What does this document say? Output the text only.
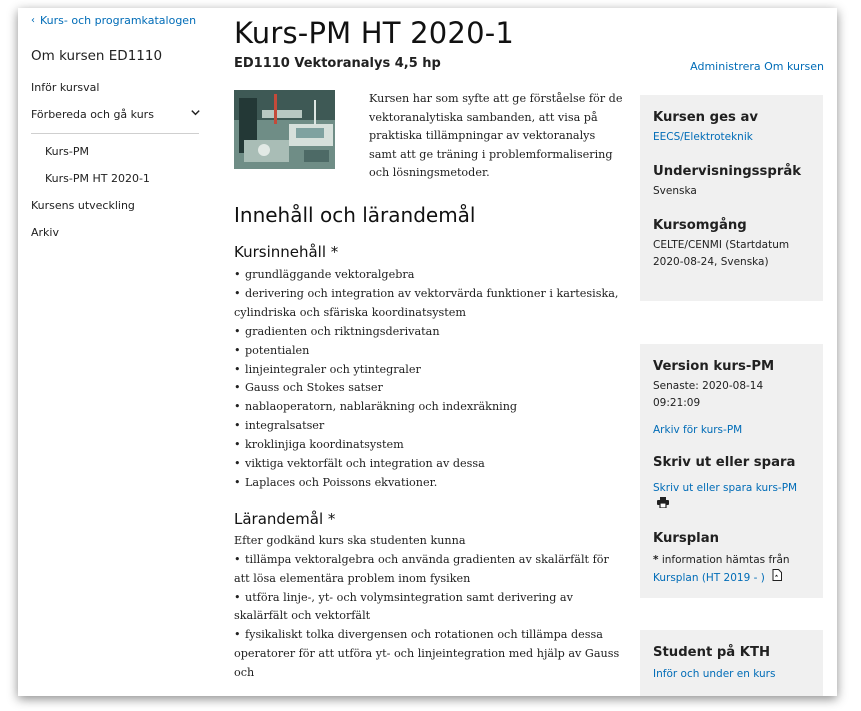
‹ Kurs- och programkatalogen
Om kursen ED1110
Inför kursval
Förbereda och gå kurs
Kurs-PM
Kurs-PM HT 2020-1
Kursens utveckling
Arkiv
Kurs-PM HT 2020-1
ED1110 Vektoranalys 4,5 hp

Kursen har som syfte att ge förståelse för de vektoranalytiska sambanden, att visa på praktiska tillämpningar av vektoranalys samt att ge träning i problemformalisering och lösningsmetoder.

Innehåll och lärandemål
Kursinnehåll *
• grundläggande vektoralgebra
• derivering och integration av vektorvärda funktioner i kartesiska, cylindriska och sfäriska koordinatsystem
• gradienten och riktningsderivatan
• potentialen
• linjeintegraler och ytintegraler
• Gauss och Stokes satser
• nablaoperatorn, nablaräkning och indexräkning
• integralsatser
• kroklinjiga koordinatsystem
• viktiga vektorfält och integration av dessa
• Laplaces och Poissons ekvationer.
Lärandemål *

Efter godkänd kurs ska studenten kunna

• tillämpa vektoralgebra och använda gradienten av skalärfält för att lösa elementära problem inom fysiken
• utföra linje-, yt- och volymsintegration samt derivering av skalärfält och vektorfält
• fysikaliskt tolka divergensen och rotationen och tillämpa dessa operatorer för att utföra yt- och linjeintegration med hjälp av Gauss och
Administrera Om kursen
Kursen ges av
EECS/Elektroteknik
Undervisningsspråk
Svenska
Kursomgång
CELTE/CENMI (Startdatum 2020-08-24, Svenska)
Version kurs-PM
Senaste: 2020-08-14 09:21:09
Arkiv för kurs-PM
Skriv ut eller spara
Skriv ut eller spara kurs-PM
Kursplan
* information hämtas från
Kursplan (HT 2019 - )
Student på KTH
Inför och under en kurs
